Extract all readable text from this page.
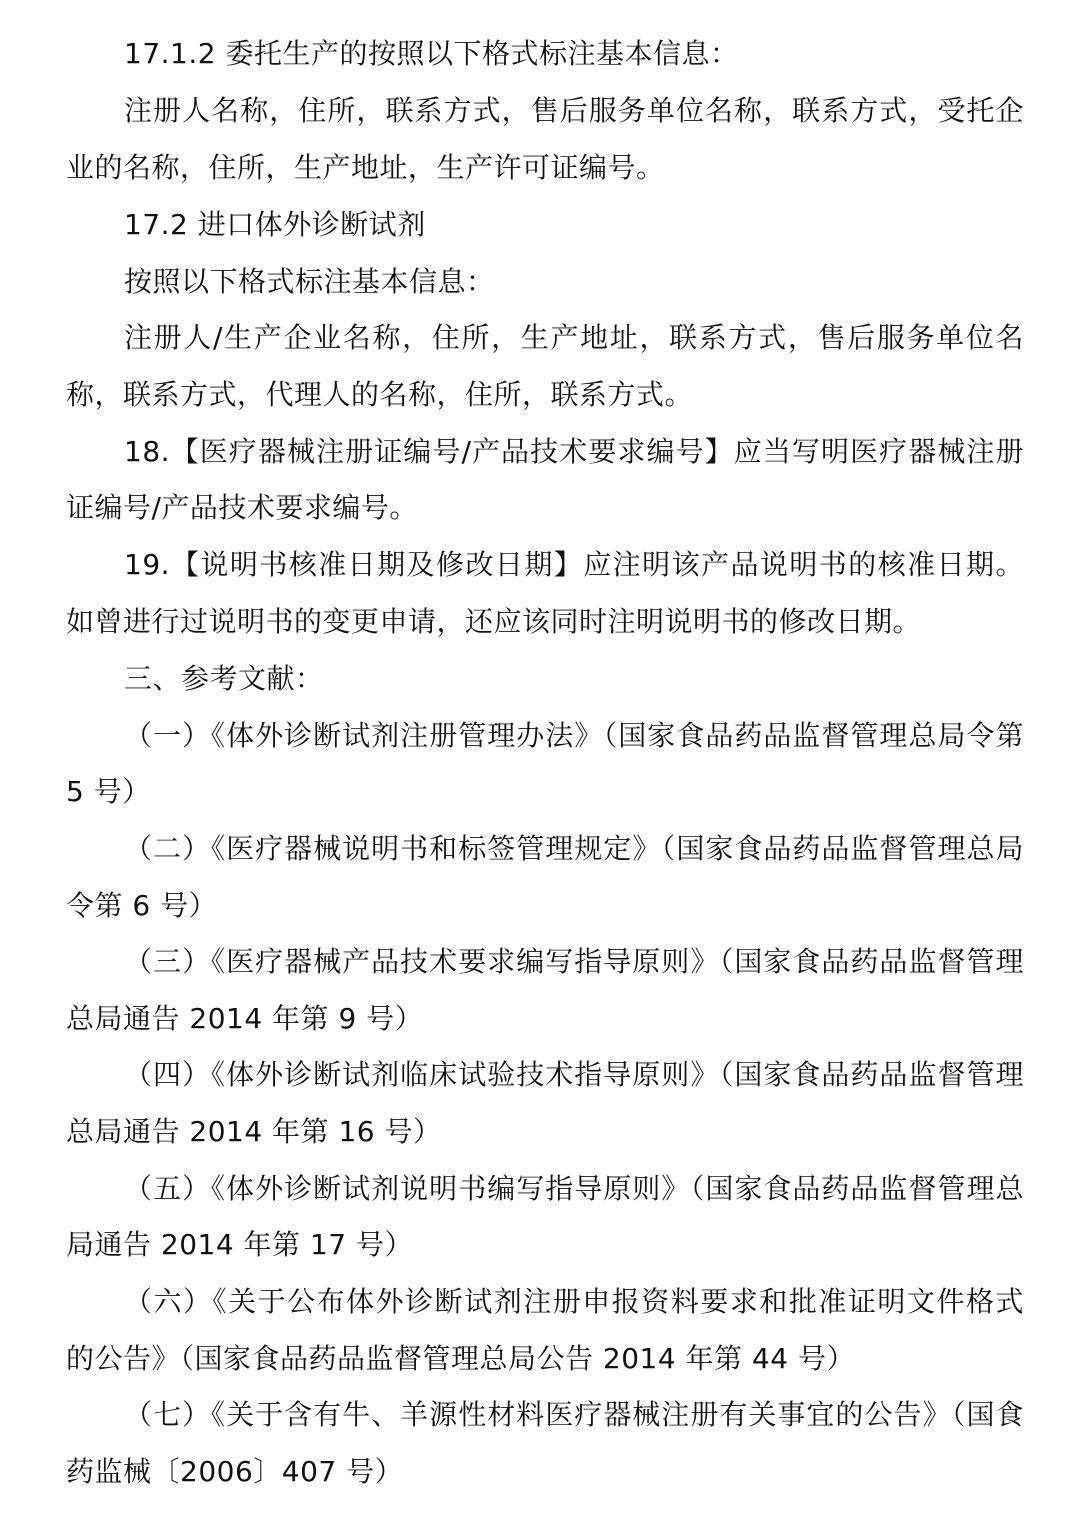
17.1.2 委托生产的按照以下格式标注基本信息：
注册人名称，住所，联系方式，售后服务单位名称，联系方式，受托企
业的名称，住所，生产地址，生产许可证编号。
17.2 进口体外诊断试剂
按照以下格式标注基本信息：
注册人/生产企业名称，住所，生产地址，联系方式，售后服务单位名
称，联系方式，代理人的名称，住所，联系方式。
18.【医疗器械注册证编号/产品技术要求编号】应当写明医疗器械注册
证编号/产品技术要求编号。
19.【说明书核准日期及修改日期】应注明该产品说明书的核准日期。
如曾进行过说明书的变更申请，还应该同时注明说明书的修改日期。
三、参考文献：
（一）《体外诊断试剂注册管理办法》（国家食品药品监督管理总局令第
5 号）
（二）《医疗器械说明书和标签管理规定》（国家食品药品监督管理总局
令第 6 号）
（三）《医疗器械产品技术要求编写指导原则》（国家食品药品监督管理
总局通告 2014 年第 9 号）
（四）《体外诊断试剂临床试验技术指导原则》（国家食品药品监督管理
总局通告 2014 年第 16 号）
（五）《体外诊断试剂说明书编写指导原则》（国家食品药品监督管理总
局通告 2014 年第 17 号）
（六）《关于公布体外诊断试剂注册申报资料要求和批准证明文件格式
的公告》（国家食品药品监督管理总局公告 2014 年第 44 号）
（七）《关于含有牛、羊源性材料医疗器械注册有关事宜的公告》（国食
药监械〔2006〕407 号）
